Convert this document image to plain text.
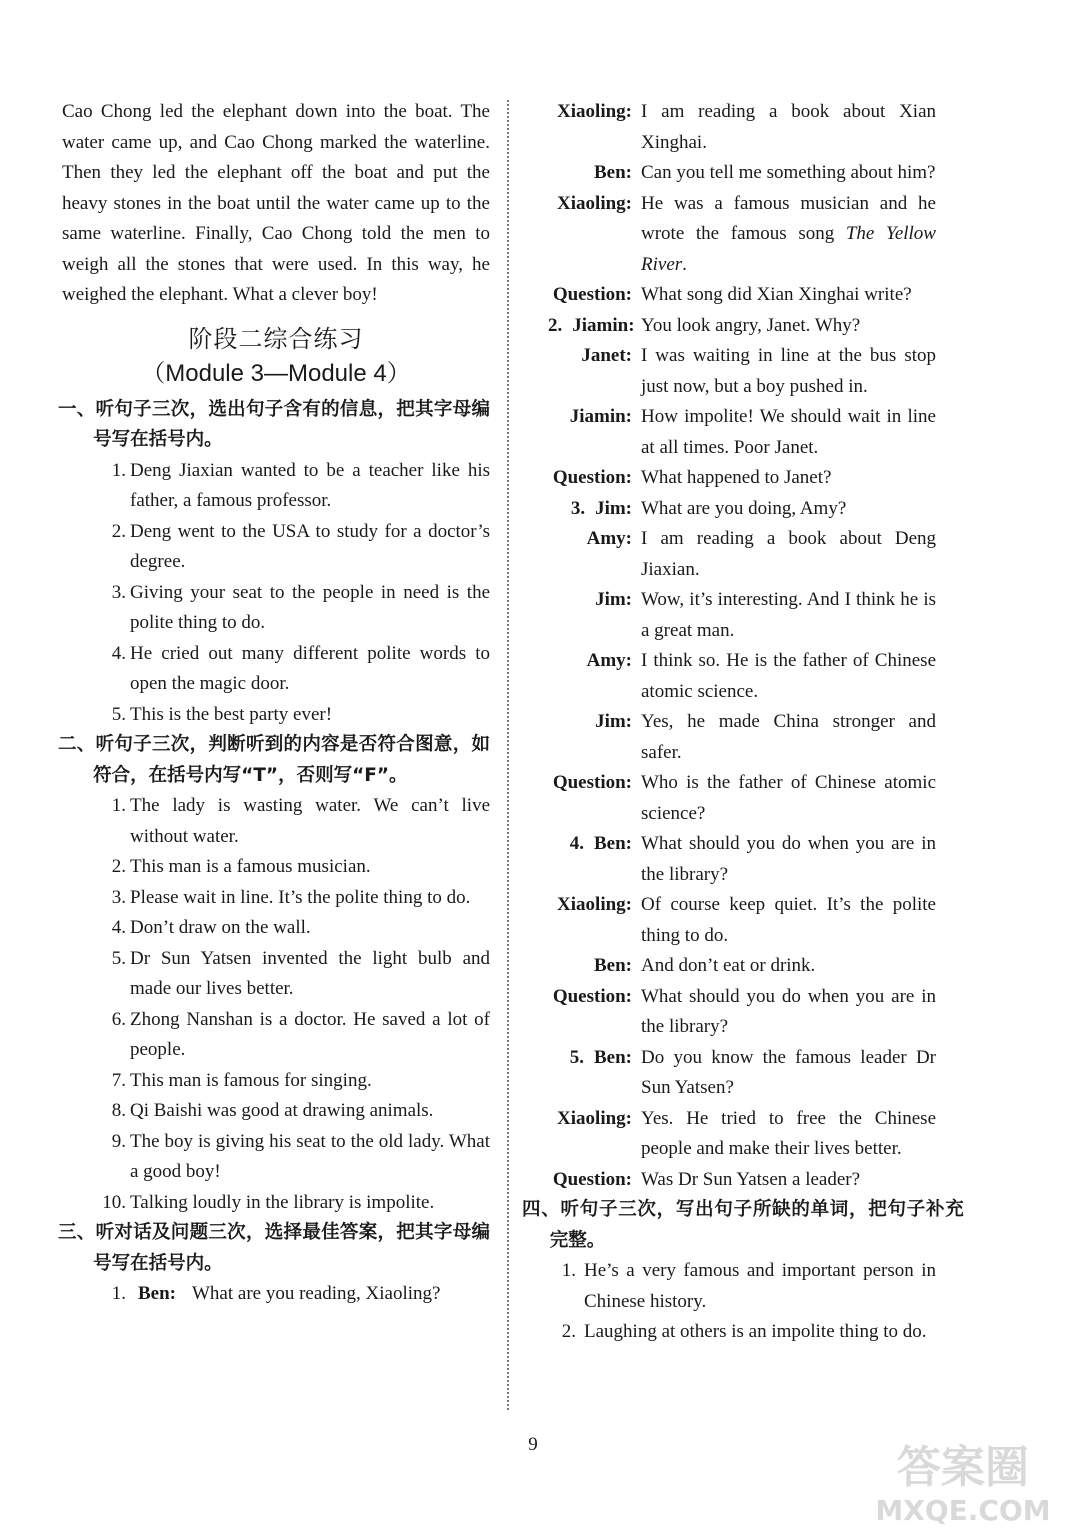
Cao Chong led the elephant down into the boat. The water came up, and Cao Chong marked the waterline. Then they led the elephant off the boat and put the heavy stones in the boat until the water came up to the same waterline. Finally, Cao Chong told the men to weigh all the stones that were used. In this way, he weighed the elephant. What a clever boy!

阶段二综合练习
（Module 3—Module 4）

一、听句子三次，选出句子含有的信息，把其字母编号写在括号内。

1. Deng Jiaxian wanted to be a teacher like his father, a famous professor.
2. Deng went to the USA to study for a doctor’s degree.
3. Giving your seat to the people in need is the polite thing to do.
4. He cried out many different polite words to open the magic door.
5. This is the best party ever!

二、听句子三次，判断听到的内容是否符合图意，如符合，在括号内写“T”，否则写“F”。

1. The lady is wasting water. We can’t live without water.
2. This man is a famous musician.
3. Please wait in line. It’s the polite thing to do.
4. Don’t draw on the wall.
5. Dr Sun Yatsen invented the light bulb and made our lives better.
6. Zhong Nanshan is a doctor. He saved a lot of people.
7. This man is famous for singing.
8. Qi Baishi was good at drawing animals.
9. The boy is giving his seat to the old lady. What a good boy!
10. Talking loudly in the library is impolite.

三、听对话及问题三次，选择最佳答案，把其字母编号写在括号内。

1. Ben: What are you reading, Xiaoling?
Xiaoling: I am reading a book about Xian Xinghai.
Ben: Can you tell me something about him?
Xiaoling: He was a famous musician and he wrote the famous song The Yellow River.
Question: What song did Xian Xinghai write?
2. Jiamin: You look angry, Janet. Why?
Janet: I was waiting in line at the bus stop just now, but a boy pushed in.
Jiamin: How impolite! We should wait in line at all times. Poor Janet.
Question: What happened to Janet?
3. Jim: What are you doing, Amy?
Amy: I am reading a book about Deng Jiaxian.
Jim: Wow, it’s interesting. And I think he is a great man.
Amy: I think so. He is the father of Chinese atomic science.
Jim: Yes, he made China stronger and safer.
Question: Who is the father of Chinese atomic science?
4. Ben: What should you do when you are in the library?
Xiaoling: Of course keep quiet. It’s the polite thing to do.
Ben: And don’t eat or drink.
Question: What should you do when you are in the library?
5. Ben: Do you know the famous leader Dr Sun Yatsen?
Xiaoling: Yes. He tried to free the Chinese people and make their lives better.
Question: Was Dr Sun Yatsen a leader?

四、听句子三次，写出句子所缺的单词，把句子补充完整。

1. He’s a very famous and important person in Chinese history.
2. Laughing at others is an impolite thing to do.
9	答案圈
MXQE.COM
